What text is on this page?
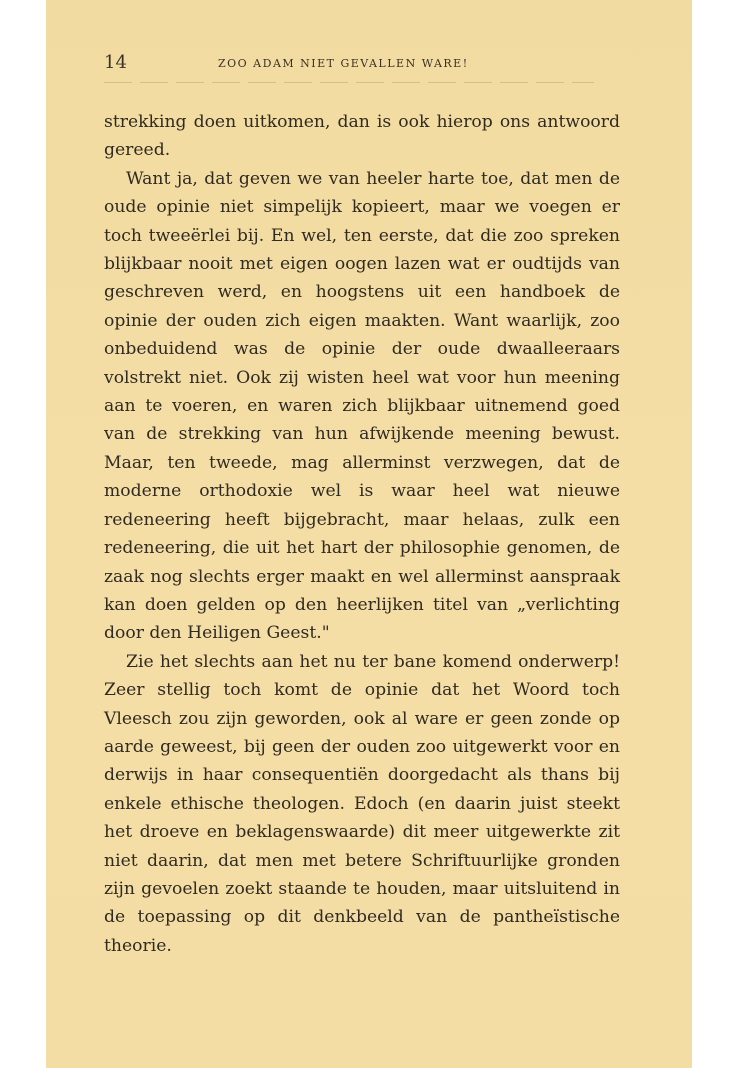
14	ZOO ADAM NIET GEVALLEN WARE!

strekking doen uitkomen, dan is ook hierop ons antwoord gereed.

Want ja, dat geven we van heeler harte toe, dat men de oude opinie niet simpelijk kopieert, maar we voegen er toch tweeërlei bij. En wel, ten eerste, dat die zoo spreken blijkbaar nooit met eigen oogen lazen wat er oudtijds van geschreven werd, en hoogstens uit een handboek de opinie der ouden zich eigen maakten. Want waarlijk, zoo onbeduidend was de opinie der oude dwaalleeraars volstrekt niet. Ook zij wisten heel wat voor hun meening aan te voeren, en waren zich blijkbaar uitnemend goed van de strekking van hun afwijkende meening bewust. Maar, ten tweede, mag allerminst verzwegen, dat de moderne orthodoxie wel is waar heel wat nieuwe redeneering heeft bijgebracht, maar helaas, zulk een redeneering, die uit het hart der philosophie genomen, de zaak nog slechts erger maakt en wel allerminst aanspraak kan doen gelden op den heerlijken titel van „verlichting door den Heiligen Geest."

Zie het slechts aan het nu ter bane komend onderwerp! Zeer stellig toch komt de opinie dat het Woord toch Vleesch zou zijn geworden, ook al ware er geen zonde op aarde geweest, bij geen der ouden zoo uitgewerkt voor en derwijs in haar consequentiën doorgedacht als thans bij enkele ethische theologen. Edoch (en daarin juist steekt het droeve en beklagenswaarde) dit meer uitgewerkte zit niet daarin, dat men met betere Schriftuurlijke gronden zijn gevoelen zoekt staande te houden, maar uitsluitend in de toepassing op dit denkbeeld van de pantheïstische theorie.
